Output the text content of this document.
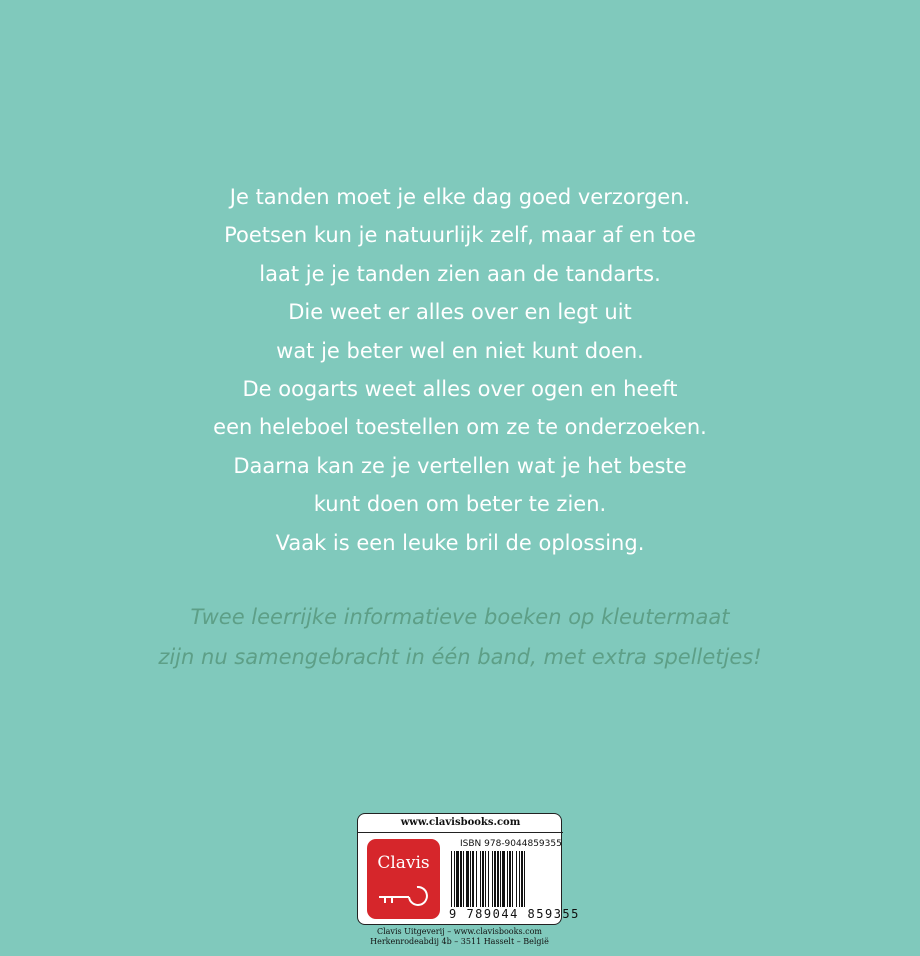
Je tanden moet je elke dag goed verzorgen.
Poetsen kun je natuurlijk zelf, maar af en toe
laat je je tanden zien aan de tandarts.
Die weet er alles over en legt uit
wat je beter wel en niet kunt doen.
De oogarts weet alles over ogen en heeft
een heleboel toestellen om ze te onderzoeken.
Daarna kan ze je vertellen wat je het beste
kunt doen om beter te zien.
Vaak is een leuke bril de oplossing.
Twee leerrijke informatieve boeken op kleutermaat
zijn nu samengebracht in één band, met extra spelletjes!
www.clavisbooks.com
Clavis
ISBN 978-9044859355
9 789044 859355
Clavis Uitgeverij – www.clavisbooks.com
Herkenrodeabdij 4b – 3511 Hasselt – België
